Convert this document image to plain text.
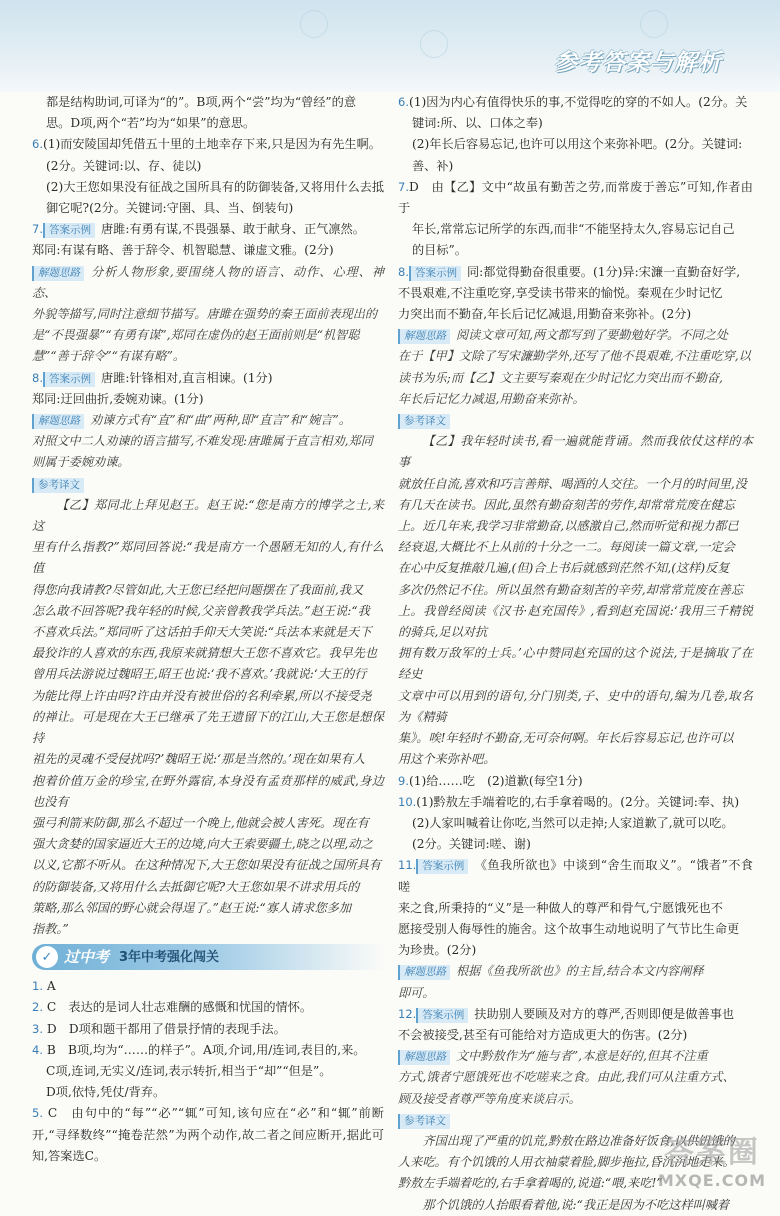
参考答案与解析

都是结构助词,可译为“的”。B项,两个“尝”均为“曾经”的意

思。D项,两个“若”均为“如果”的意思。

6.(1)而安陵国却凭借五十里的土地幸存下来,只是因为有先生啊。

(2分。关键词:以、存、徒以)

(2)大王您如果没有征战之国所具有的防御装备,又将用什么去抵

御它呢?(2分。关键词:守圉、具、当、倒装句)

7. 答案示例 唐雎:有勇有谋,不畏强暴、敢于献身、正气凛然。

郑同:有谋有略、善于辞令、机智聪慧、谦虚文雅。(2分)

解题思路 分析人物形象,要围绕人物的语言、动作、心理、神态、

外貌等描写,同时注意细节描写。唐雎在强势的秦王面前表现出的

是“不畏强暴”“有勇有谋”,郑同在虚伪的赵王面前则是“机智聪

慧”“善于辞令”“有谋有略”。

8. 答案示例 唐雎:针锋相对,直言相谏。(1分)

郑同:迂回曲折,委婉劝谏。(1分)

解题思路 劝谏方式有“直”和“曲”两种,即“直言”和“婉言”。

对照文中二人劝谏的语言描写,不难发现:唐雎属于直言相劝,郑同

则属于委婉劝谏。

参考译文

【乙】郑同北上拜见赵王。赵王说:“您是南方的博学之士,来这

里有什么指教?”郑同回答说:“我是南方一个愚陋无知的人,有什么值

得您向我请教?尽管如此,大王您已经把问题摆在了我面前,我又

怎么敢不回答呢?我年轻的时候,父亲曾教我学兵法。”赵王说:“我

不喜欢兵法。”郑同听了这话拍手仰天大笑说:“兵法本来就是天下

最狡诈的人喜欢的东西,我原来就猜想大王您不喜欢它。我早先也

曾用兵法游说过魏昭王,昭王也说:‘我不喜欢。’我就说:‘大王的行

为能比得上许由吗?许由并没有被世俗的名利牵累,所以不接受尧

的禅让。可是现在大王已继承了先王遗留下的江山,大王您是想保持

祖先的灵魂不受侵扰吗?’魏昭王说:‘那是当然的。’现在如果有人

抱着价值万金的珍宝,在野外露宿,本身没有孟贲那样的威武,身边也没有

强弓利箭来防御,那么不超过一个晚上,他就会被人害死。现在有

强大贪婪的国家逼近大王的边境,向大王索要疆土,晓之以理,动之

以义,它都不听从。在这种情况下,大王您如果没有征战之国所具有

的防御装备,又将用什么去抵御它呢?大王您如果不讲求用兵的

策略,那么邻国的野心就会得逞了。”赵王说:“寡人请求您多加

指教。”

✓ 过中考 3年中考强化闯关

1. A

2. C　表达的是词人壮志难酬的感慨和忧国的情怀。

3. D　D项和题干都用了借景抒情的表现手法。

4. B　B项,均为“……的样子”。A项,介词,用/连词,表目的,来。

C项,连词,无实义/连词,表示转折,相当于“却”“但是”。

D项,依恃,凭仗/背弃。

5. C　由句中的“每”“必”“辄”可知,该句应在“必”和“辄”前断开,“寻绎数终”“掩卷茫然”为两个动作,故二者之间应断开,据此可知,答案选C。

6.(1)因为内心有值得快乐的事,不觉得吃的穿的不如人。(2分。关

键词:所、以、口体之奉)

(2)年长后容易忘记,也许可以用这个来弥补吧。(2分。关键词:

善、补)

7.D　由【乙】文中“故虽有勤苦之劳,而常废于善忘”可知,作者由于

年长,常常忘记所学的东西,而非“不能坚持太久,容易忘记自己

的目标”。

8. 答案示例 同:都觉得勤奋很重要。(1分)异:宋濂一直勤奋好学,

不畏艰难,不注重吃穿,享受读书带来的愉悦。秦观在少时记忆

力突出而不勤奋,年长后记忆减退,用勤奋来弥补。(2分)

解题思路 阅读文章可知,两文都写到了要勤勉好学。不同之处

在于【甲】文除了写宋濂勤学外,还写了他不畏艰难,不注重吃穿,以

读书为乐;而【乙】文主要写秦观在少时记忆力突出而不勤奋,

年长后记忆力减退,用勤奋来弥补。

参考译文

【乙】我年轻时读书,看一遍就能背诵。然而我依仗这样的本事

就放任自流,喜欢和巧言善辩、喝酒的人交往。一个月的时间里,没

有几天在读书。因此,虽然有勤奋刻苦的劳作,却常常荒废在健忘

上。近几年来,我学习非常勤奋,以感激自己,然而听觉和视力都已

经衰退,大概比不上从前的十分之一二。每阅读一篇文章,一定会

在心中反复推敲几遍,(但)合上书后就感到茫然不知,(这样)反复

多次仍然记不住。所以虽然有勤奋刻苦的辛劳,却常常荒废在善忘

上。我曾经阅读《汉书·赵充国传》,看到赵充国说:‘我用三千精锐的骑兵,足以对抗

拥有数万敌军的士兵。’心中赞同赵充国的这个说法,于是摘取了在经史

文章中可以用到的语句,分门别类,子、史中的语句,编为几卷,取名为《精骑

集》。唉!年轻时不勤奋,无可奈何啊。年长后容易忘记,也许可以

用这个来弥补吧。

9.(1)给……吃　(2)道歉(每空1分)

10.(1)黔敖左手端着吃的,右手拿着喝的。(2分。关键词:奉、执)

(2)人家叫喊着让你吃,当然可以走掉;人家道歉了,就可以吃。

(2分。关键词:嗟、谢)

11. 答案示例 《鱼我所欲也》中谈到“舍生而取义”。“饿者”不食嗟

来之食,所秉持的“义”是一种做人的尊严和骨气,宁愿饿死也不

愿接受别人侮辱性的施舍。这个故事生动地说明了气节比生命更

为珍贵。(2分)

解题思路 根据《鱼我所欲也》的主旨,结合本文内容阐释

即可。

12. 答案示例 扶助别人要顾及对方的尊严,否则即便是做善事也

不会被接受,甚至有可能给对方造成更大的伤害。(2分)

解题思路 文中黔敖作为“施与者”,本意是好的,但其不注重

方式,饿者宁愿饿死也不吃嗟来之食。由此,我们可从注重方式、

顾及接受者尊严等角度来谈启示。

参考译文

齐国出现了严重的饥荒,黔敖在路边准备好饭食,以供饥饿的

人来吃。有个饥饿的人用衣袖蒙着脸,脚步拖拉,昏沉沉地走来。

黔敖左手端着吃的,右手拿着喝的,说道:“喂,来吃!”

那个饥饿的人抬眼看着他,说:“我正是因为不吃这样叫喊着

答案圈
MXQE.COM
